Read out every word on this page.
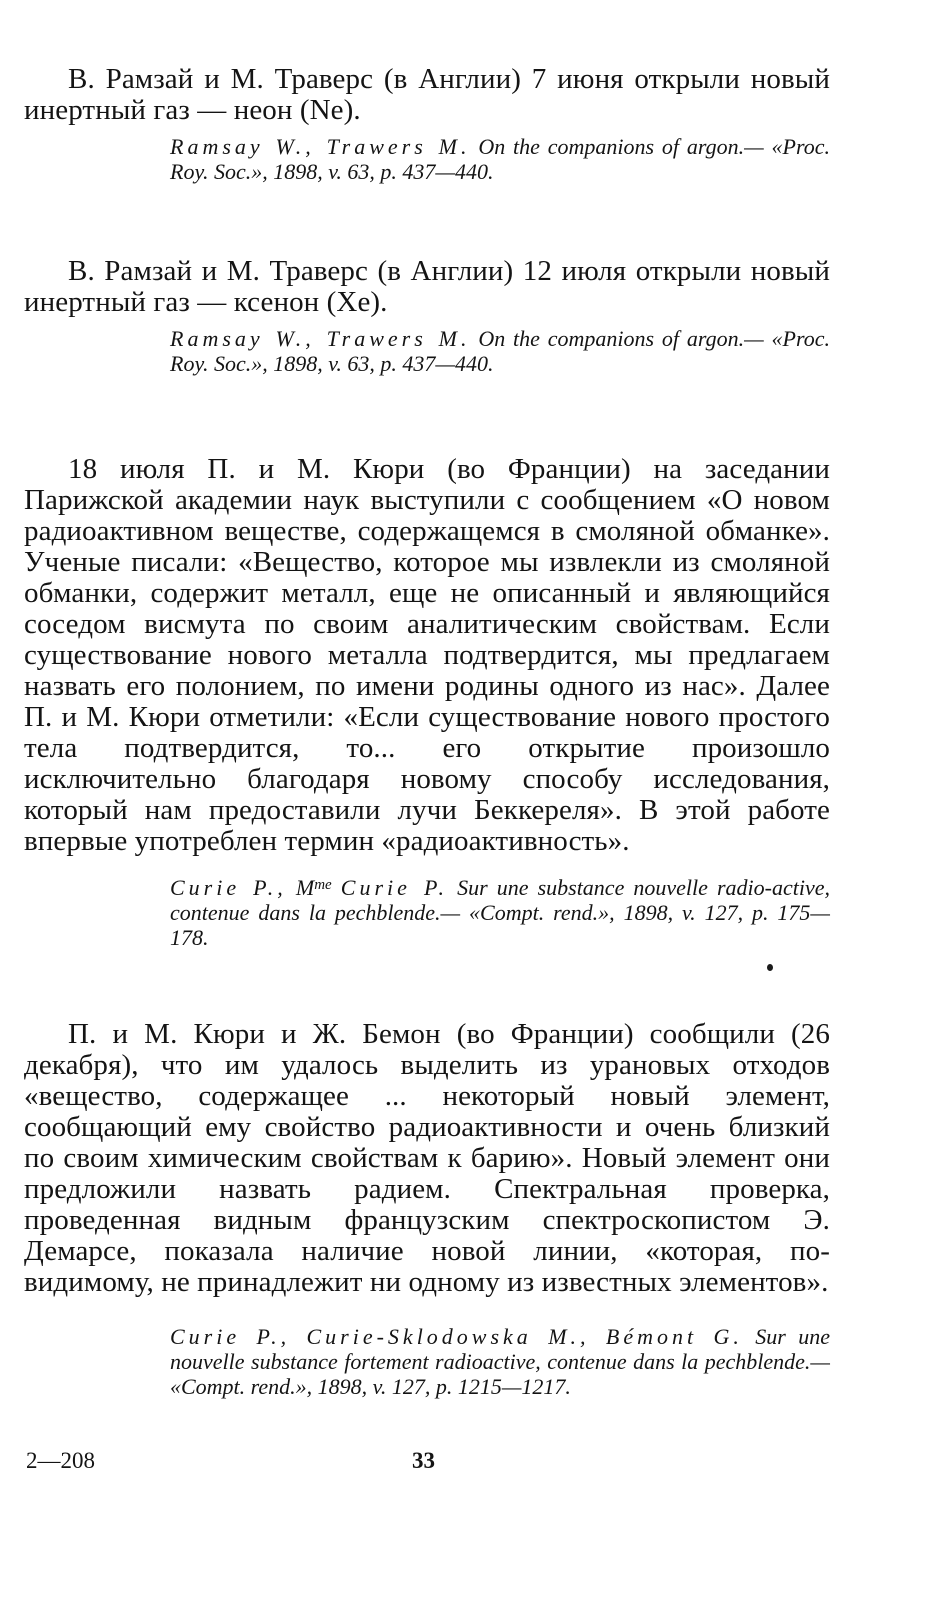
В. Рамзай и М. Траверс (в Англии) 7 июня открыли новый инертный газ — неон (Ne).

Ramsay W., Trawers M. On the companions of argon.— «Proc. Roy. Soc.», 1898, v. 63, p. 437—440.

В. Рамзай и М. Траверс (в Англии) 12 июля открыли новый инертный газ — ксенон (Xe).

Ramsay W., Trawers M. On the companions of argon.— «Proc. Roy. Soc.», 1898, v. 63, p. 437—440.

18 июля П. и М. Кюри (во Франции) на заседании Парижской академии наук выступили с сообщением «О новом радиоактивном веществе, содержащемся в смоляной обманке». Ученые писали: «Вещество, которое мы извлекли из смоляной обманки, содержит металл, еще не описанный и являющийся соседом висмута по своим аналитическим свойствам. Если существование нового металла подтвердится, мы предлагаем назвать его полонием, по имени родины одного из нас». Далее П. и М. Кюри отметили: «Если существование нового простого тела подтвердится, то... его открытие произошло исключительно благодаря новому способу исследования, который нам предоставили лучи Беккереля». В этой работе впервые употреблен термин «радиоактивность».

Curie P., $M^{me}$ Curie P. Sur une substance nouvelle radio-active, contenue dans la pechblende.— «Compt. rend.», 1898, v. 127, p. 175—178.

П. и М. Кюри и Ж. Бемон (во Франции) сообщили (26 декабря), что им удалось выделить из урановых отходов «вещество, содержащее ... некоторый новый элемент, сообщающий ему свойство радиоактивности и очень близкий по своим химическим свойствам к барию». Новый элемент они предложили назвать радием. Спектральная проверка, проведенная видным французским спектроскопистом Э. Демарсе, показала наличие новой линии, «которая, по-видимому, не принадлежит ни одному из известных элементов».

Curie P., Curie-Sklodowska M., Bémont G. Sur une nouvelle substance fortement radioactive, contenue dans la pechblende.— «Compt. rend.», 1898, v. 127, p. 1215—1217.

2—208	33
